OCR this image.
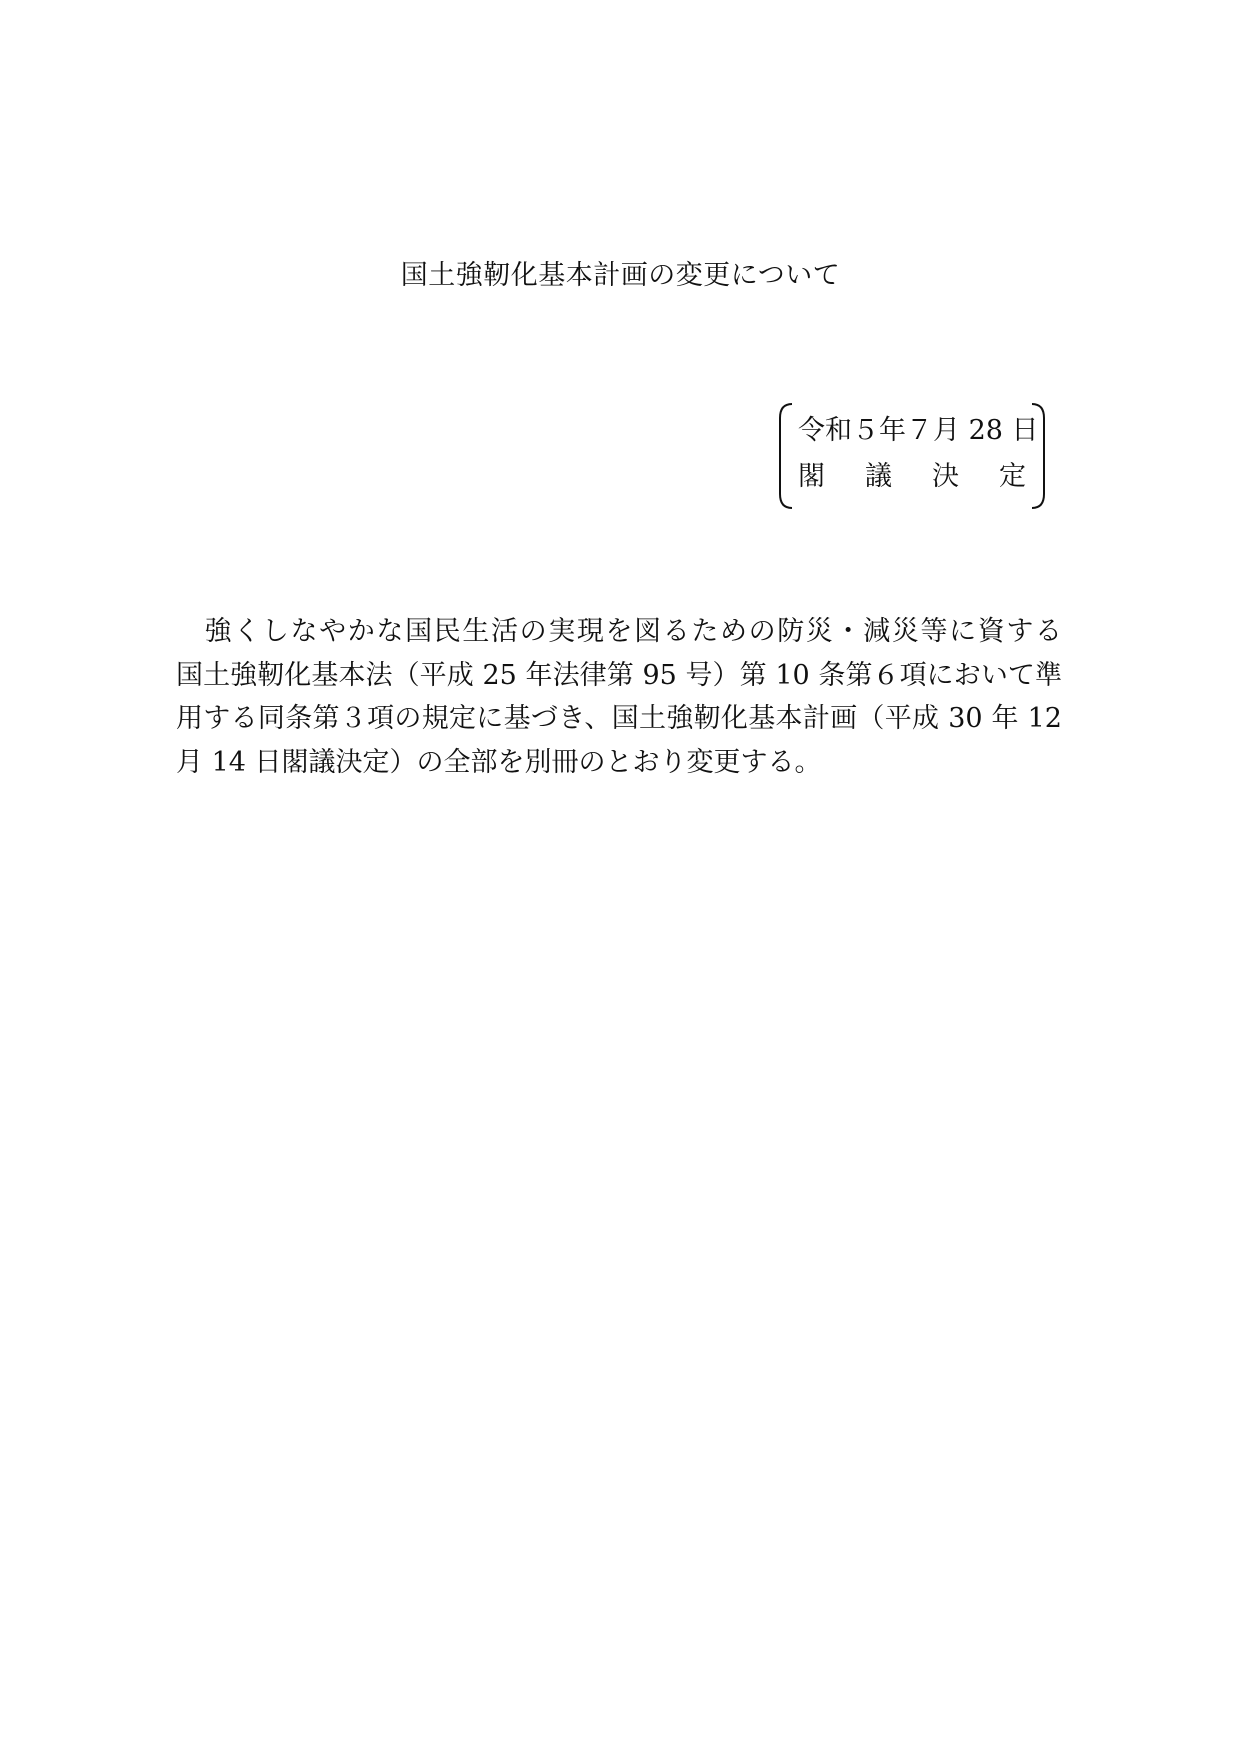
国土強靭化基本計画の変更について
令和５年７月 28 日
閣 議 決 定
　強くしなやかな国民生活の実現を図るための防災・減災等に資する
国土強靭化基本法（平成 25 年法律第 95 号）第 10 条第６項において準
用する同条第３項の規定に基づき、国土強靭化基本計画（平成 30 年 12
月 14 日閣議決定）の全部を別冊のとおり変更する。
